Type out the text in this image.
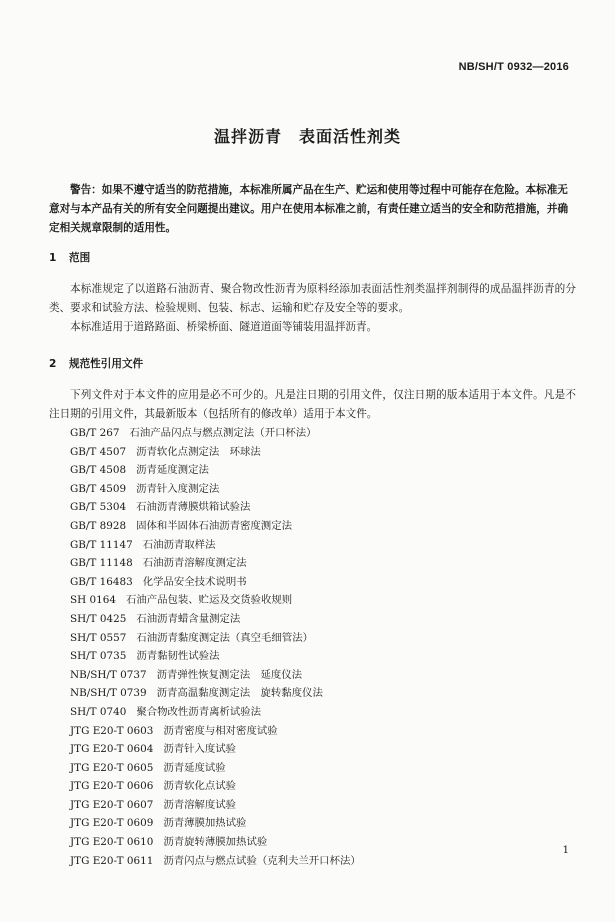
NB/SH/T 0932—2016
温拌沥青　表面活性剂类
警告：如果不遵守适当的防范措施，本标准所属产品在生产、贮运和使用等过程中可能存在危险。本标准无意对与本产品有关的所有安全问题提出建议。用户在使用本标准之前，有责任建立适当的安全和防范措施，并确定相关规章限制的适用性。
1 范围
本标准规定了以道路石油沥青、聚合物改性沥青为原料经添加表面活性剂类温拌剂制得的成品温拌沥青的分类、要求和试验方法、检验规则、包装、标志、运输和贮存及安全等的要求。
本标准适用于道路路面、桥梁桥面、隧道道面等铺装用温拌沥青。
2 规范性引用文件
下列文件对于本文件的应用是必不可少的。凡是注日期的引用文件，仅注日期的版本适用于本文件。凡是不注日期的引用文件，其最新版本（包括所有的修改单）适用于本文件。
GB/T 267 石油产品闪点与燃点测定法（开口杯法）
GB/T 4507 沥青软化点测定法　环球法
GB/T 4508 沥青延度测定法
GB/T 4509 沥青针入度测定法
GB/T 5304 石油沥青薄膜烘箱试验法
GB/T 8928 固体和半固体石油沥青密度测定法
GB/T 11147 石油沥青取样法
GB/T 11148 石油沥青溶解度测定法
GB/T 16483 化学品安全技术说明书
SH 0164 石油产品包装、贮运及交货验收规则
SH/T 0425 石油沥青蜡含量测定法
SH/T 0557 石油沥青黏度测定法（真空毛细管法）
SH/T 0735 沥青黏韧性试验法
NB/SH/T 0737 沥青弹性恢复测定法　延度仪法
NB/SH/T 0739 沥青高温黏度测定法　旋转黏度仪法
SH/T 0740 聚合物改性沥青离析试验法
JTG E20-T 0603 沥青密度与相对密度试验
JTG E20-T 0604 沥青针入度试验
JTG E20-T 0605 沥青延度试验
JTG E20-T 0606 沥青软化点试验
JTG E20-T 0607 沥青溶解度试验
JTG E20-T 0609 沥青薄膜加热试验
JTG E20-T 0610 沥青旋转薄膜加热试验
JTG E20-T 0611 沥青闪点与燃点试验（克利夫兰开口杯法）
1
